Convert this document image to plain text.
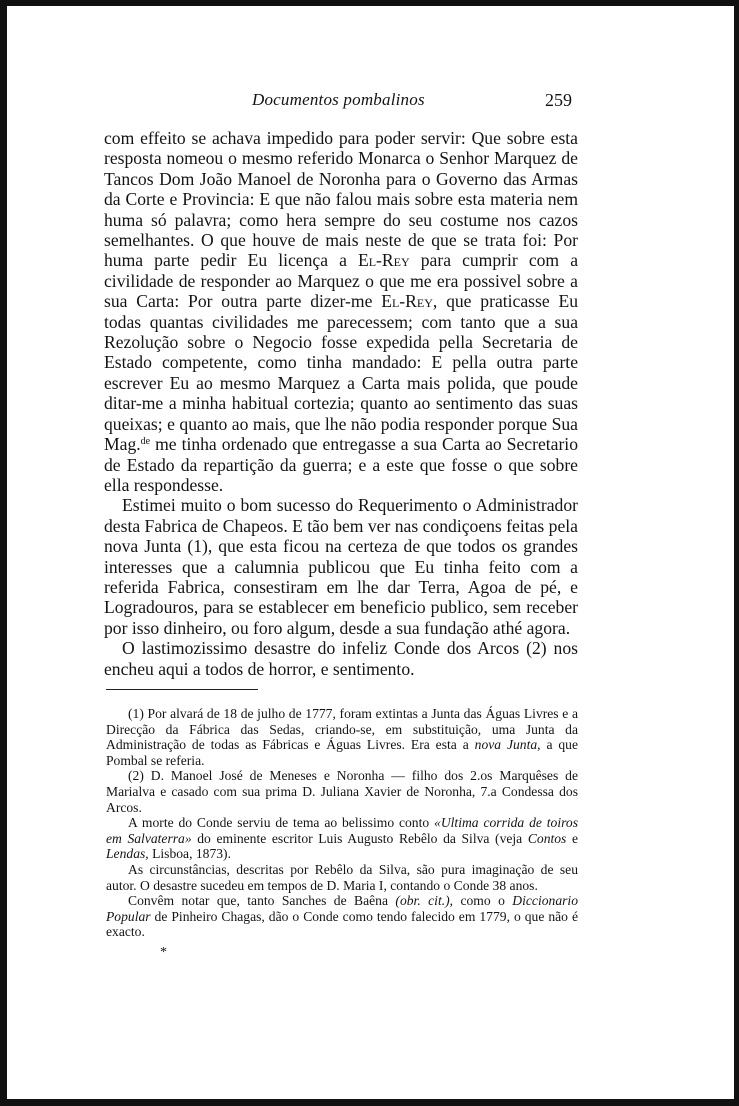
Documentos pombalinos	259

com effeito se achava impedido para poder servir: Que sobre esta resposta nomeou o mesmo referido Monarca o Senhor Marquez de Tancos Dom João Manoel de Noronha para o Governo das Armas da Corte e Provincia: E que não falou mais sobre esta materia nem huma só palavra; como hera sempre do seu costume nos cazos semelhantes. O que houve de mais neste de que se trata foi: Por huma parte pedir Eu licença a El-Rey para cumprir com a civilidade de responder ao Marquez o que me era possivel sobre a sua Carta: Por outra parte dizer-me El-Rey, que praticasse Eu todas quantas civilidades me parecessem; com tanto que a sua Rezolução sobre o Negocio fosse expedida pella Secretaria de Estado competente, como tinha mandado: E pella outra parte escrever Eu ao mesmo Marquez a Carta mais polida, que poude ditar-me a minha habitual cortezia; quanto ao sentimento das suas queixas; e quanto ao mais, que lhe não podia responder porque Sua Mag.$^{de}$ me tinha ordenado que entregasse a sua Carta ao Secretario de Estado da repartição da guerra; e a este que fosse o que sobre ella respondesse.

Estimei muito o bom sucesso do Requerimento o Administrador desta Fabrica de Chapeos. E tão bem ver nas condiçoens feitas pela nova Junta (1), que esta ficou na certeza de que todos os grandes interesses que a calumnia publicou que Eu tinha feito com a referida Fabrica, consestiram em lhe dar Terra, Agoa de pé, e Logradouros, para se establecer em beneficio publico, sem receber por isso dinheiro, ou foro algum, desde a sua fundação athé agora.

O lastimozissimo desastre do infeliz Conde dos Arcos (2) nos encheu aqui a todos de horror, e sentimento.

(1) Por alvará de 18 de julho de 1777, foram extintas a Junta das Águas Livres e a Direcção da Fábrica das Sedas, criando-se, em substituição, uma Junta da Administração de todas as Fábricas e Águas Livres. Era esta a nova Junta, a que Pombal se referia.

(2) D. Manoel José de Meneses e Noronha — filho dos 2.os Marquêses de Marialva e casado com sua prima D. Juliana Xavier de Noronha, 7.a Condessa dos Arcos.

A morte do Conde serviu de tema ao belissimo conto «Ultima corrida de toiros em Salvaterra» do eminente escritor Luis Augusto Rebêlo da Silva (veja Contos e Lendas, Lisboa, 1873).

As circunstâncias, descritas por Rebêlo da Silva, são pura imaginação de seu autor. O desastre sucedeu em tempos de D. Maria I, contando o Conde 38 anos.

Convêm notar que, tanto Sanches de Baêna (obr. cit.), como o Diccionario Popular de Pinheiro Chagas, dão o Conde como tendo falecido em 1779, o que não é exacto.

*
